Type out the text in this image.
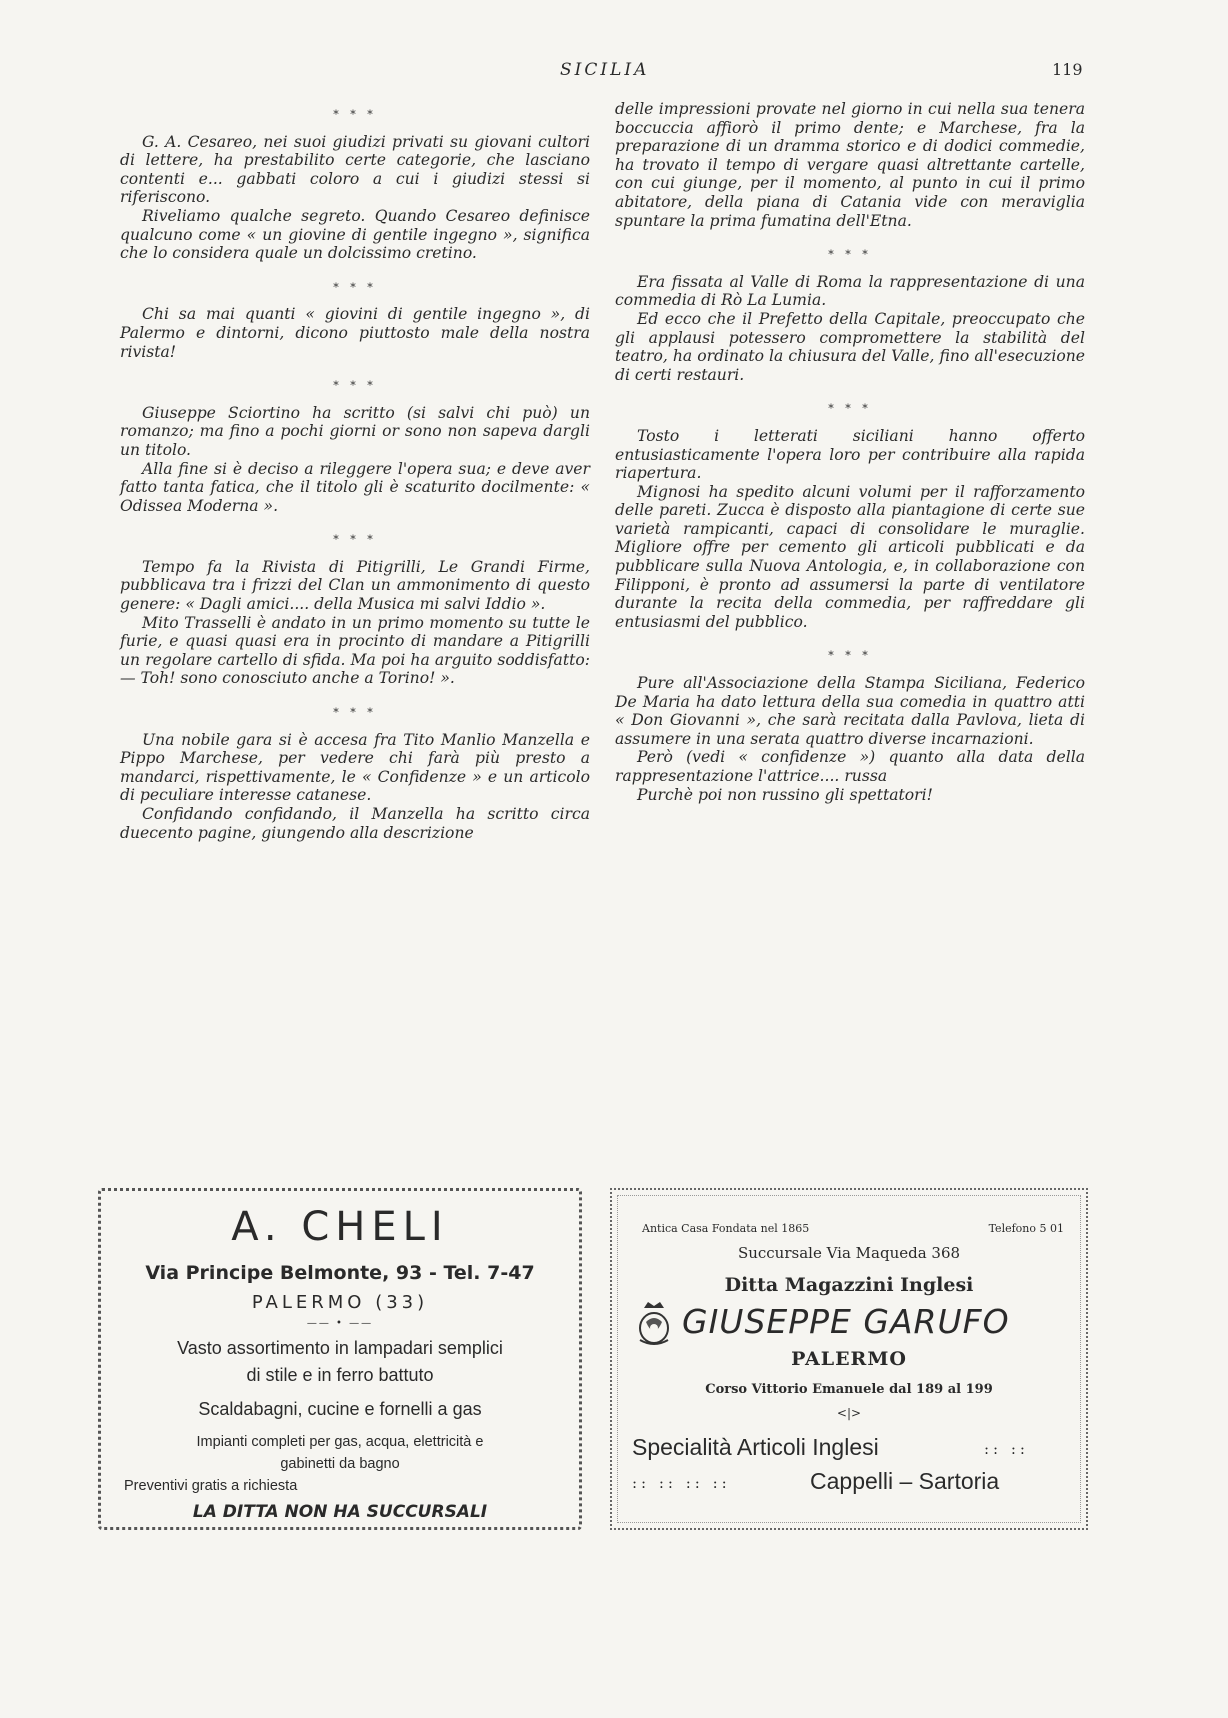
SICILIA	119
* * *

G. A. Cesareo, nei suoi giudizi privati su giovani cultori di lettere, ha prestabilito certe categorie, che lasciano contenti e... gabbati coloro a cui i giudizi stessi si riferiscono.

Riveliamo qualche segreto. Quando Cesareo definisce qualcuno come « un giovine di gentile ingegno », significa che lo considera quale un dolcissimo cretino.

* * *

Chi sa mai quanti « giovini di gentile ingegno », di Palermo e dintorni, dicono piuttosto male della nostra rivista!

* * *

Giuseppe Sciortino ha scritto (si salvi chi può) un romanzo; ma fino a pochi giorni or sono non sapeva dargli un titolo.

Alla fine si è deciso a rileggere l'opera sua; e deve aver fatto tanta fatica, che il titolo gli è scaturito docilmente: « Odissea Moderna ».

* * *

Tempo fa la Rivista di Pitigrilli, Le Grandi Firme, pubblicava tra i frizzi del Clan un ammonimento di questo genere: « Dagli amici.... della Musica mi salvi Iddio ».

Mito Trasselli è andato in un primo momento su tutte le furie, e quasi quasi era in procinto di mandare a Pitigrilli un regolare cartello di sfida. Ma poi ha arguito soddisfatto: — Toh! sono conosciuto anche a Torino! ».

* * *

Una nobile gara si è accesa fra Tito Manlio Manzella e Pippo Marchese, per vedere chi farà più presto a mandarci, rispettivamente, le « Confidenze » e un articolo di peculiare interesse catanese.

Confidando confidando, il Manzella ha scritto circa duecento pagine, giungendo alla descrizione

delle impressioni provate nel giorno in cui nella sua tenera boccuccia affiorò il primo dente; e Marchese, fra la preparazione di un dramma storico e di dodici commedie, ha trovato il tempo di vergare quasi altrettante cartelle, con cui giunge, per il momento, al punto in cui il primo abitatore, della piana di Catania vide con meraviglia spuntare la prima fumatina dell'Etna.

* * *

Era fissata al Valle di Roma la rappresentazione di una commedia di Rò La Lumia.

Ed ecco che il Prefetto della Capitale, preoccupato che gli applausi potessero compromettere la stabilità del teatro, ha ordinato la chiusura del Valle, fino all'esecuzione di certi restauri.

* * *

Tosto i letterati siciliani hanno offerto entusiasticamente l'opera loro per contribuire alla rapida riapertura.

Mignosi ha spedito alcuni volumi per il rafforzamento delle pareti. Zucca è disposto alla piantagione di certe sue varietà rampicanti, capaci di consolidare le muraglie. Migliore offre per cemento gli articoli pubblicati e da pubblicare sulla Nuova Antologia, e, in collaborazione con Filipponi, è pronto ad assumersi la parte di ventilatore durante la recita della commedia, per raffreddare gli entusiasmi del pubblico.

* * *

Pure all'Associazione della Stampa Siciliana, Federico De Maria ha dato lettura della sua comedia in quattro atti « Don Giovanni », che sarà recitata dalla Pavlova, lieta di assumere in una serata quattro diverse incarnazioni.

Però (vedi « confidenze ») quanto alla data della rappresentazione l'attrice.... russa

Purchè poi non russino gli spettatori!

A. CHELI
Via Principe Belmonte, 93 - Tel. 7-47
PALERMO (33)
—— • ——
Vasto assortimento in lampadari semplici
di stile e in ferro battuto
Scaldabagni, cucine e fornelli a gas
Impianti completi per gas, acqua, elettricità e
gabinetti da bagno
Preventivi gratis a richiesta
LA DITTA NON HA SUCCURSALI
Antica Casa Fondata nel 1865	Telefono 5 01
Succursale Via Maqueda 368
Ditta Magazzini Inglesi
GIUSEPPE GARUFO
PALERMO
Corso Vittorio Emanuele dal 189 al 199
<|>
Specialità Articoli Inglesi	:: ::
:: :: :: ::	Cappelli – Sartoria
